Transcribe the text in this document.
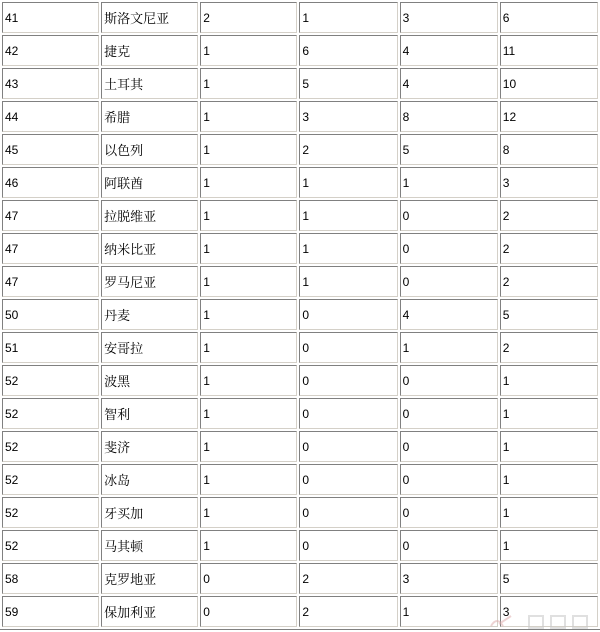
41	斯洛文尼亚	2	1	3	6
42	捷克	1	6	4	11
43	土耳其	1	5	4	10
44	希腊	1	3	8	12
45	以色列	1	2	5	8
46	阿联酋	1	1	1	3
47	拉脱维亚	1	1	0	2
47	纳米比亚	1	1	0	2
47	罗马尼亚	1	1	0	2
50	丹麦	1	0	4	5
51	安哥拉	1	0	1	2
52	波黑	1	0	0	1
52	智利	1	0	0	1
52	斐济	1	0	0	1
52	冰岛	1	0	0	1
52	牙买加	1	0	0	1
52	马其顿	1	0	0	1
58	克罗地亚	0	2	3	5
59	保加利亚	0	2	1	3
